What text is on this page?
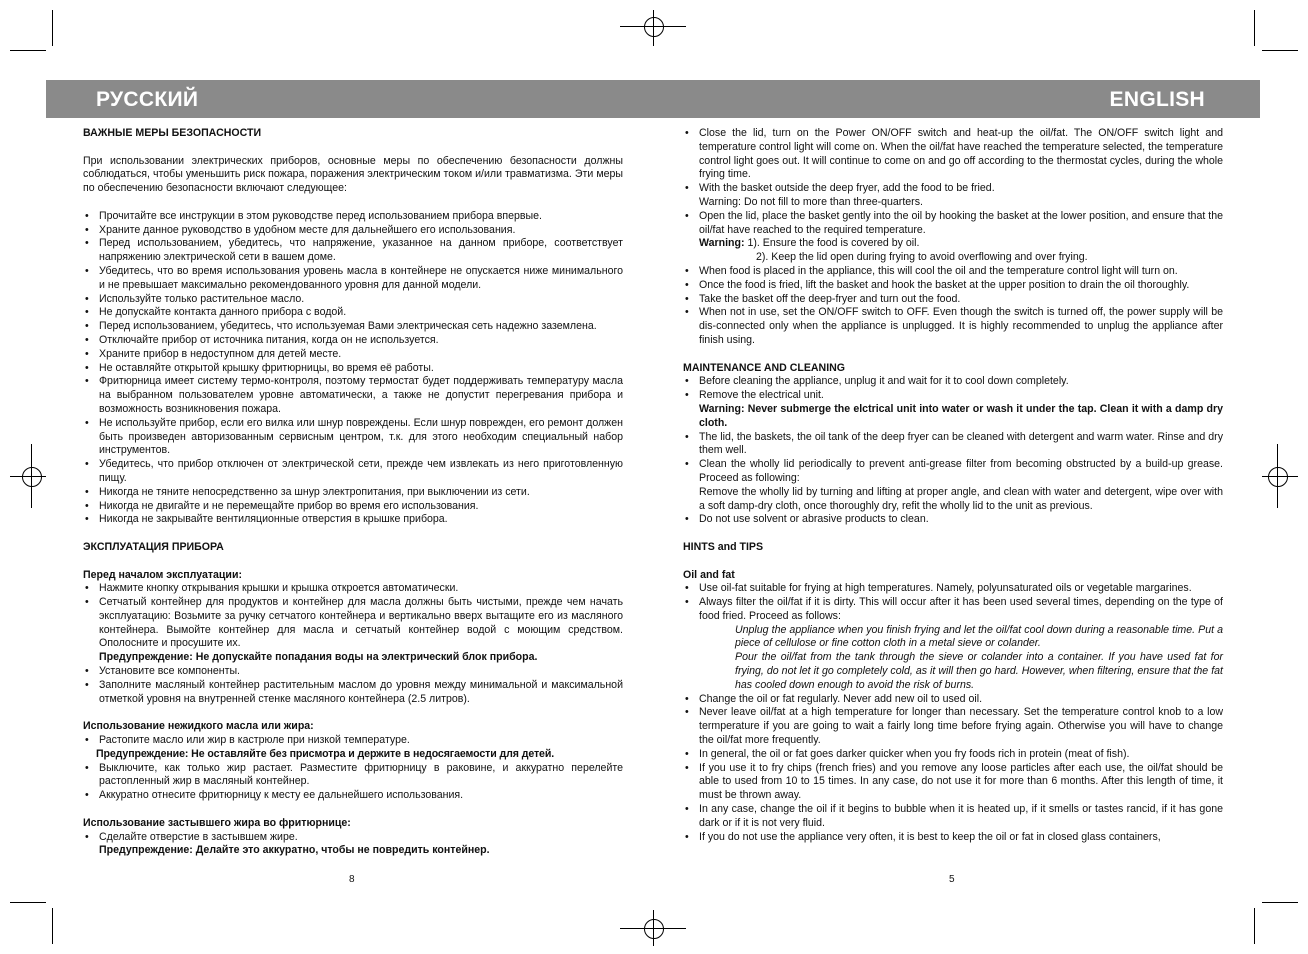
РУССКИЙ	ENGLISH
ВАЖНЫЕ МЕРЫ БЕЗОПАСНОСТИ
При использовании электрических приборов, основные меры по обеспечению безопасности должны соблюдаться, чтобы уменьшить риск пожара, поражения электрическим током и/или травматизма. Эти меры по обеспечению безопасности включают следующее:
• Прочитайте все инструкции в этом руководстве перед использованием прибора впервые.
• Храните данное руководство в удобном месте для дальнейшего его использования.
• Перед использованием, убедитесь, что напряжение, указанное на данном приборе, соответствует напряжению электрической сети в вашем доме.
• Убедитесь, что во время использования уровень масла в контейнере не опускается ниже минимального и не превышает максимально рекомендованного уровня для данной модели.
• Используйте только растительное масло.
• Не допускайте контакта данного прибора с водой.
• Перед использованием, убедитесь, что используемая Вами электрическая сеть надежно заземлена.
• Отключайте прибор от источника питания, когда он не используется.
• Храните прибор в недоступном для детей месте.
• Не оставляйте открытой крышку фритюрницы, во время её работы.
• Фритюрница имеет систему термо-контроля, поэтому термостат будет поддерживать температуру масла на выбранном пользователем уровне автоматически, а также не допустит перегревания прибора и возможность возникновения пожара.
• Не используйте прибор, если его вилка или шнур повреждены. Если шнур поврежден, его ремонт должен быть произведен авторизованным сервисным центром, т.к. для этого необходим специальный набор инструментов.
• Убедитесь, что прибор отключен от электрической сети, прежде чем извлекать из него приготовленную пищу.
• Никогда не тяните непосредственно за шнур электропитания, при выключении из сети.
• Никогда не двигайте и не перемещайте прибор во время его использования.
• Никогда не закрывайте вентиляционные отверстия в крышке прибора.
ЭКСПЛУАТАЦИЯ ПРИБОРА
Перед началом эксплуатации:
• Нажмите кнопку открывания крышки и крышка откроется автоматически.
• Сетчатый контейнер для продуктов и контейнер для масла должны быть чистыми, прежде чем начать эксплуатацию: Возьмите за ручку сетчатого контейнера и вертикально вверх вытащите его из масляного контейнера. Вымойте контейнер для масла и сетчатый контейнер водой с моющим средством. Ополосните и просушите их.
Предупреждение: Не допускайте попадания воды на электрический блок прибора.
• Установите все компоненты.
• Заполните масляный контейнер растительным маслом до уровня между минимальной и максимальной отметкой уровня на внутренней стенке масляного контейнера (2.5 литров).
Использование нежидкого масла или жира:
• Растопите масло или жир в кастрюле при низкой температуре.
Предупреждение: Не оставляйте без присмотра и держите в недосягаемости для детей.
• Выключите, как только жир растает. Разместите фритюрницу в раковине, и аккуратно перелейте растопленный жир в масляный контейнер.
• Аккуратно отнесите фритюрницу к месту ее дальнейшего использования.
Использование застывшего жира во фритюрнице:
• Сделайте отверстие в застывшем жире.
Предупреждение: Делайте это аккуратно, чтобы не повредить контейнер.
8
• Close the lid, turn on the Power ON/OFF switch and heat-up the oil/fat. The ON/OFF switch light and temperature control light will come on. When the oil/fat have reached the temperature selected, the temperature control light goes out. It will continue to come on and go off according to the thermostat cycles, during the whole frying time.
• With the basket outside the deep fryer, add the food to be fried.
Warning: Do not fill to more than three-quarters.
• Open the lid, place the basket gently into the oil by hooking the basket at the lower position, and ensure that the oil/fat have reached to the required temperature.
Warning: 1). Ensure the food is covered by oil.
2). Keep the lid open during frying to avoid overflowing and over frying.
• When food is placed in the appliance, this will cool the oil and the temperature control light will turn on.
• Once the food is fried, lift the basket and hook the basket at the upper position to drain the oil thoroughly.
• Take the basket off the deep-fryer and turn out the food.
• When not in use, set the ON/OFF switch to OFF. Even though the switch is turned off, the power supply will be dis-connected only when the appliance is unplugged. It is highly recommended to unplug the appliance after finish using.
MAINTENANCE AND CLEANING
• Before cleaning the appliance, unplug it and wait for it to cool down completely.
• Remove the electrical unit.
Warning: Never submerge the elctrical unit into water or wash it under the tap. Clean it with a damp dry cloth.
• The lid, the baskets, the oil tank of the deep fryer can be cleaned with detergent and warm water. Rinse and dry them well.
• Clean the wholly lid periodically to prevent anti-grease filter from becoming obstructed by a build-up grease. Proceed as following:
Remove the wholly lid by turning and lifting at proper angle, and clean with water and detergent, wipe over with a soft damp-dry cloth, once thoroughly dry, refit the wholly lid to the unit as previous.
• Do not use solvent or abrasive products to clean.
HINTS and TIPS
Oil and fat
• Use oil-fat suitable for frying at high temperatures. Namely, polyunsaturated oils or vegetable margarines.
• Always filter the oil/fat if it is dirty. This will occur after it has been used several times, depending on the type of food fried. Proceed as follows:
Unplug the appliance when you finish frying and let the oil/fat cool down during a reasonable time. Put a piece of cellulose or fine cotton cloth in a metal sieve or colander.
Pour the oil/fat from the tank through the sieve or colander into a container. If you have used fat for frying, do not let it go completely cold, as it will then go hard. However, when filtering, ensure that the fat has cooled down enough to avoid the risk of burns.
• Change the oil or fat regularly. Never add new oil to used oil.
• Never leave oil/fat at a high temperature for longer than necessary. Set the temperature control knob to a low termperature if you are going to wait a fairly long time before frying again. Otherwise you will have to change the oil/fat more frequently.
• In general, the oil or fat goes darker quicker when you fry foods rich in protein (meat of fish).
• If you use it to fry chips (french fries) and you remove any loose particles after each use, the oil/fat should be able to used from 10 to 15 times. In any case, do not use it for more than 6 months. After this length of time, it must be thrown away.
• In any case, change the oil if it begins to bubble when it is heated up, if it smells or tastes rancid, if it has gone dark or if it is not very fluid.
• If you do not use the appliance very often, it is best to keep the oil or fat in closed glass containers,
5
